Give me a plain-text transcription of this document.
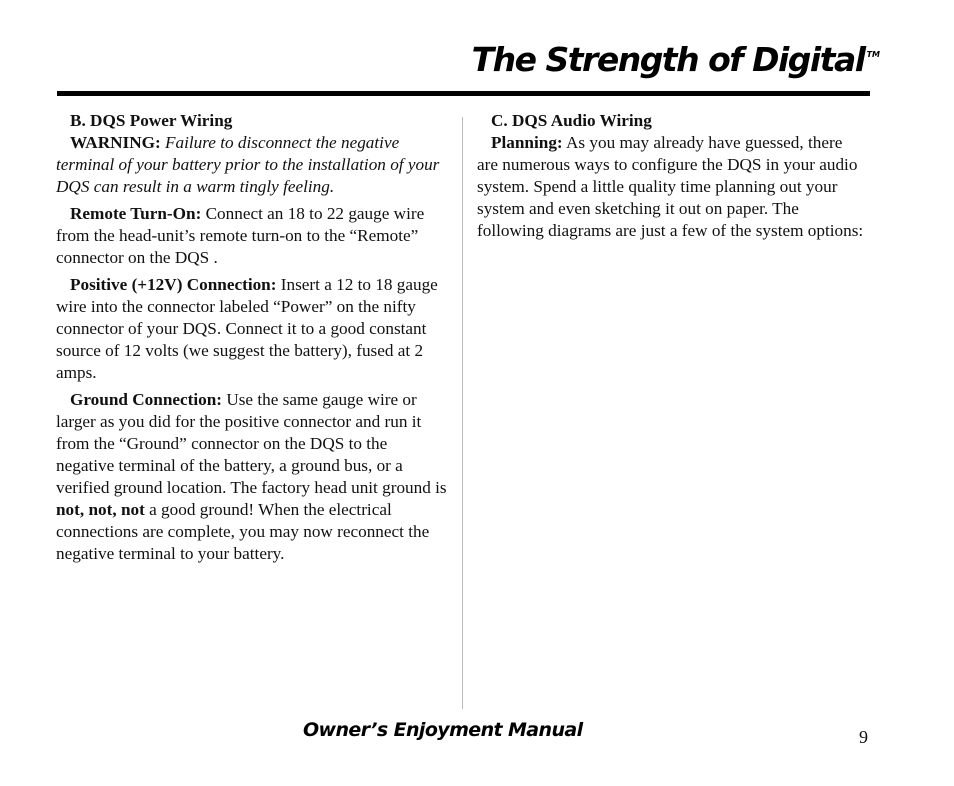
The Strength of Digital ™

B. DQS Power Wiring

WARNING: Failure to disconnect the negative terminal of your battery prior to the installation of your DQS can result in a warm tingly feeling.

Remote Turn-On: Connect an 18 to 22 gauge wire from the head-unit’s remote turn-on to the “Remote” connector on the DQS .

Positive (+12V) Connection: Insert a 12 to 18 gauge wire into the connector labeled “Power” on the nifty connector of your DQS. Connect it to a good constant source of 12 volts (we suggest the battery), fused at 2 amps.

Ground Connection: Use the same gauge wire or larger as you did for the positive connector and run it from the “Ground” connector on the DQS to the negative terminal of the battery, a ground bus, or a verified ground location. The factory head unit ground is not, not, not a good ground! When the electrical connections are complete, you may now reconnect the negative terminal to your battery.

C. DQS Audio Wiring

Planning: As you may already have guessed, there are numerous ways to configure the DQS in your audio system. Spend a little quality time planning out your system and even sketching it out on paper. The following diagrams are just a few of the system options:

Owner’s Enjoyment Manual	9
